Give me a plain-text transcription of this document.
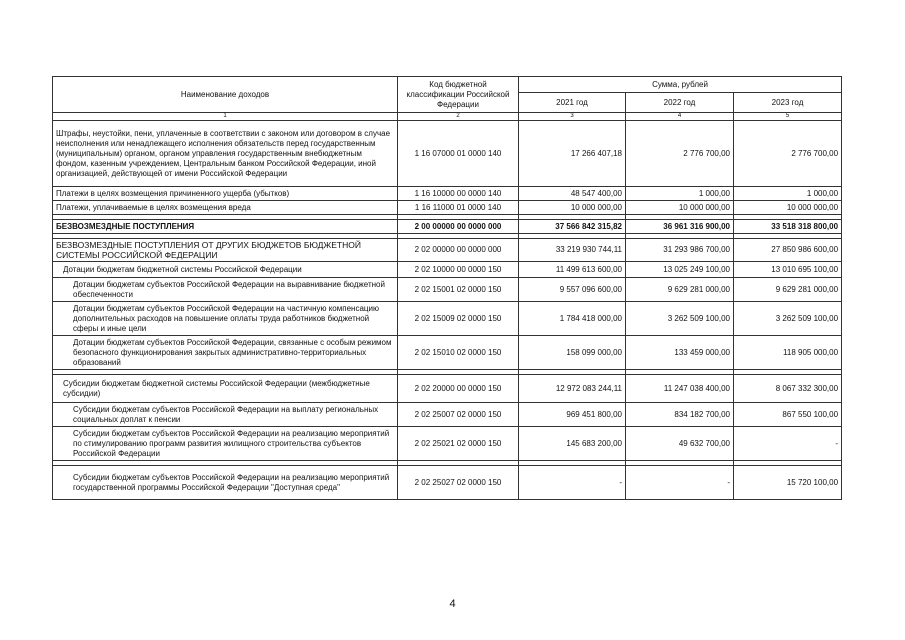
Наименование доходов	Код бюджетной классификации Российской Федерации	Сумма, рублей		
		2021 год	2022 год	2023 год
1	2	3	4	5
Штрафы, неустойки, пени, уплаченные в соответствии с законом или договором в случае неисполнения или ненадлежащего исполнения обязательств перед государственным (муниципальным) органом, органом управления государственным внебюджетным фондом, казенным учреждением, Центральным банком Российской Федерации, иной организацией, действующей от имени Российской Федерации	1 16 07000 01 0000 140	17 266 407,18	2 776 700,00	2 776 700,00
Платежи в целях возмещения причиненного ущерба (убытков)	1 16 10000 00 0000 140	48 547 400,00	1 000,00	1 000,00
Платежи, уплачиваемые в целях возмещения вреда	1 16 11000 01 0000 140	10 000 000,00	10 000 000,00	10 000 000,00

БЕЗВОЗМЕЗДНЫЕ ПОСТУПЛЕНИЯ	2 00 00000 00 0000 000	37 566 842 315,82	36 961 316 900,00	33 518 318 800,00

БЕЗВОЗМЕЗДНЫЕ ПОСТУПЛЕНИЯ ОТ ДРУГИХ БЮДЖЕТОВ БЮДЖЕТНОЙ СИСТЕМЫ РОССИЙСКОЙ ФЕДЕРАЦИИ	2 02 00000 00 0000 000	33 219 930 744,11	31 293 986 700,00	27 850 986 600,00
Дотации бюджетам бюджетной системы Российской Федерации	2 02 10000 00 0000 150	11 499 613 600,00	13 025 249 100,00	13 010 695 100,00
Дотации бюджетам субъектов Российской Федерации на выравнивание бюджетной обеспеченности	2 02 15001 02 0000 150	9 557 096 600,00	9 629 281 000,00	9 629 281 000,00
Дотации бюджетам субъектов Российской Федерации на частичную компенсацию дополнительных расходов на повышение оплаты труда работников бюджетной сферы и иные цели	2 02 15009 02 0000 150	1 784 418 000,00	3 262 509 100,00	3 262 509 100,00
Дотации бюджетам субъектов Российской Федерации, связанные с особым режимом безопасного функционирования закрытых административно-территориальных образований	2 02 15010 02 0000 150	158 099 000,00	133 459 000,00	118 905 000,00

Субсидии бюджетам бюджетной системы Российской Федерации (межбюджетные субсидии)	2 02 20000 00 0000 150	12 972 083 244,11	11 247 038 400,00	8 067 332 300,00
Субсидии бюджетам субъектов Российской Федерации на выплату региональных социальных доплат к пенсии	2 02 25007 02 0000 150	969 451 800,00	834 182 700,00	867 550 100,00
Субсидии бюджетам субъектов Российской Федерации на реализацию мероприятий по стимулированию программ развития жилищного строительства субъектов Российской Федерации	2 02 25021 02 0000 150	145 683 200,00	49 632 700,00	-

Субсидии бюджетам субъектов Российской Федерации на реализацию мероприятий государственной программы Российской Федерации "Доступная среда"	2 02 25027 02 0000 150	-	-	15 720 100,00
4
